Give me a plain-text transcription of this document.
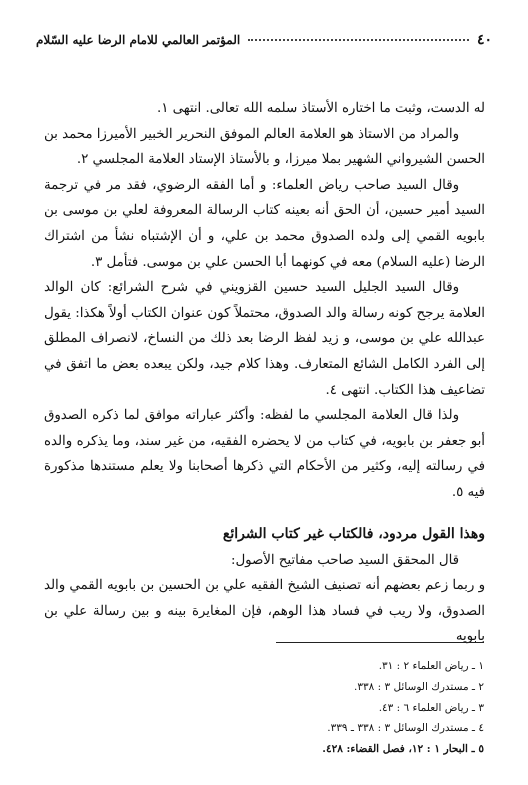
٤٠
المؤتمر العالمي للامام الرضا عليه السّلام

له الدست، وثبت ما اختاره الأستاذ سلمه الله تعالى. انتهى ١.

والمراد من الاستاذ هو العلامة العالم الموفق النحرير الخبير الأميرزا محمد بن الحسن الشيرواني الشهير بملا ميرزا، و بالأستاذ الإستاد العلامة المجلسي ٢.

وقال السيد صاحب رياض العلماء: و أما الفقه الرضوي، فقد مر في ترجمة السيد أمير حسين، أن الحق أنه بعينه كتاب الرسالة المعروفة لعلي بن موسى بن بابويه القمي إلى ولده الصدوق محمد بن علي، و أن الإشتباه نشأ من اشتراك الرضا (عليه السلام) معه في كونهما أبا الحسن علي بن موسى. فتأمل ٣.

وقال السيد الجليل السيد حسين القزويني في شرح الشرائع: كان الوالد العلامة يرجح كونه رسالة والد الصدوق، محتملاً كون عنوان الكتاب أولاً هكذا: يقول عبدالله علي بن موسى، و زيد لفظ الرضا بعد ذلك من النساخ، لانصراف المطلق إلى الفرد الكامل الشائع المتعارف. وهذا كلام جيد، ولكن يبعده بعض ما اتفق في تضاعيف هذا الكتاب. انتهى ٤.

ولذا قال العلامة المجلسي ما لفظه: وأكثر عباراته موافق لما ذكره الصدوق أبو جعفر بن بابويه، في كتاب من لا يحضره الفقيه، من غير سند، وما يذكره والده في رسالته إليه، وكثير من الأحكام التي ذكرها أصحابنا ولا يعلم مستندها مذكورة فيه ٥.

وهذا القول مردود، فالكتاب غير كتاب الشرائع

قال المحقق السيد صاحب مفاتيح الأصول:

و ربما زعم بعضهم أنه تصنيف الشيخ الفقيه علي بن الحسين بن بابويه القمي والد الصدوق، ولا ريب في فساد هذا الوهم، فإن المغايرة بينه و بين رسالة علي بن بابويه

١ ـ رياض العلماء ٢ : ٣١.
٢ ـ مستدرك الوسائل ٣ : ٣٣٨.
٣ ـ رياض العلماء ٦ : ٤٣.
٤ ـ مستدرك الوسائل ٣ : ٣٣٨ ـ ٣٣٩.
٥ ـ البحار ١ : ١٢، فصل القضاء: ٤٢٨.
